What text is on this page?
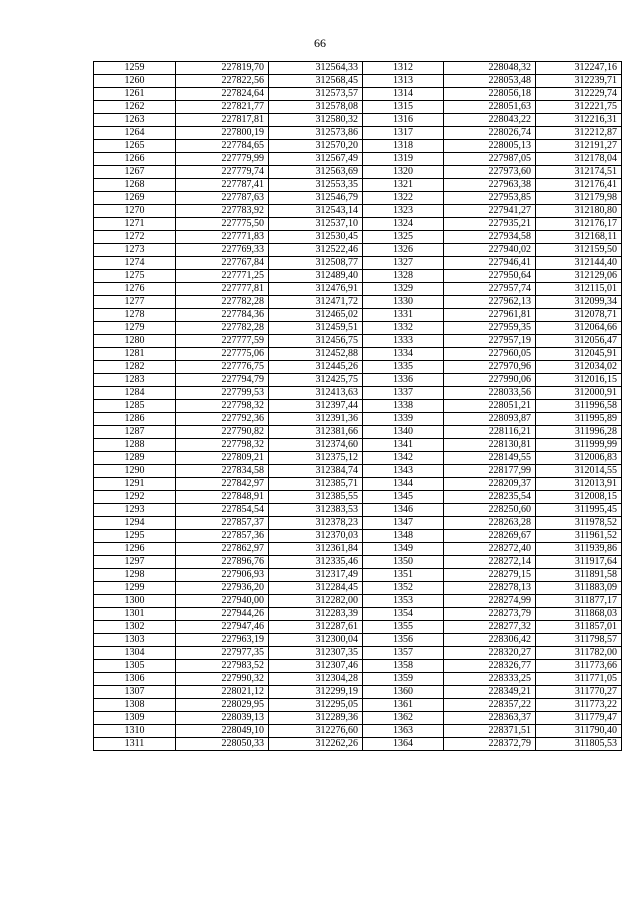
66
1259	227819,70	312564,33	1312	228048,32	312247,16
1260	227822,56	312568,45	1313	228053,48	312239,71
1261	227824,64	312573,57	1314	228056,18	312229,74
1262	227821,77	312578,08	1315	228051,63	312221,75
1263	227817,81	312580,32	1316	228043,22	312216,31
1264	227800,19	312573,86	1317	228026,74	312212,87
1265	227784,65	312570,20	1318	228005,13	312191,27
1266	227779,99	312567,49	1319	227987,05	312178,04
1267	227779,74	312563,69	1320	227973,60	312174,51
1268	227787,41	312553,35	1321	227963,38	312176,41
1269	227787,63	312546,79	1322	227953,85	312179,98
1270	227783,92	312543,14	1323	227941,27	312180,80
1271	227775,50	312537,10	1324	227935,21	312176,17
1272	227771,83	312530,45	1325	227934,58	312168,11
1273	227769,33	312522,46	1326	227940,02	312159,50
1274	227767,84	312508,77	1327	227946,41	312144,40
1275	227771,25	312489,40	1328	227950,64	312129,06
1276	227777,81	312476,91	1329	227957,74	312115,01
1277	227782,28	312471,72	1330	227962,13	312099,34
1278	227784,36	312465,02	1331	227961,81	312078,71
1279	227782,28	312459,51	1332	227959,35	312064,66
1280	227777,59	312456,75	1333	227957,19	312056,47
1281	227775,06	312452,88	1334	227960,05	312045,91
1282	227776,75	312445,26	1335	227970,96	312034,02
1283	227794,79	312425,75	1336	227990,06	312016,15
1284	227799,53	312413,63	1337	228033,56	312000,91
1285	227798,32	312397,44	1338	228051,21	311996,58
1286	227792,36	312391,36	1339	228093,87	311995,89
1287	227790,82	312381,66	1340	228116,21	311996,28
1288	227798,32	312374,60	1341	228130,81	311999,99
1289	227809,21	312375,12	1342	228149,55	312006,83
1290	227834,58	312384,74	1343	228177,99	312014,55
1291	227842,97	312385,71	1344	228209,37	312013,91
1292	227848,91	312385,55	1345	228235,54	312008,15
1293	227854,54	312383,53	1346	228250,60	311995,45
1294	227857,37	312378,23	1347	228263,28	311978,52
1295	227857,36	312370,03	1348	228269,67	311961,52
1296	227862,97	312361,84	1349	228272,40	311939,86
1297	227896,76	312335,46	1350	228272,14	311917,64
1298	227906,93	312317,49	1351	228279,15	311891,58
1299	227936,20	312284,45	1352	228278,13	311883,09
1300	227940,00	312282,00	1353	228274,99	311877,17
1301	227944,26	312283,39	1354	228273,79	311868,03
1302	227947,46	312287,61	1355	228277,32	311857,01
1303	227963,19	312300,04	1356	228306,42	311798,57
1304	227977,35	312307,35	1357	228320,27	311782,00
1305	227983,52	312307,46	1358	228326,77	311773,66
1306	227990,32	312304,28	1359	228333,25	311771,05
1307	228021,12	312299,19	1360	228349,21	311770,27
1308	228029,95	312295,05	1361	228357,22	311773,22
1309	228039,13	312289,36	1362	228363,37	311779,47
1310	228049,10	312276,60	1363	228371,51	311790,40
1311	228050,33	312262,26	1364	228372,79	311805,53
